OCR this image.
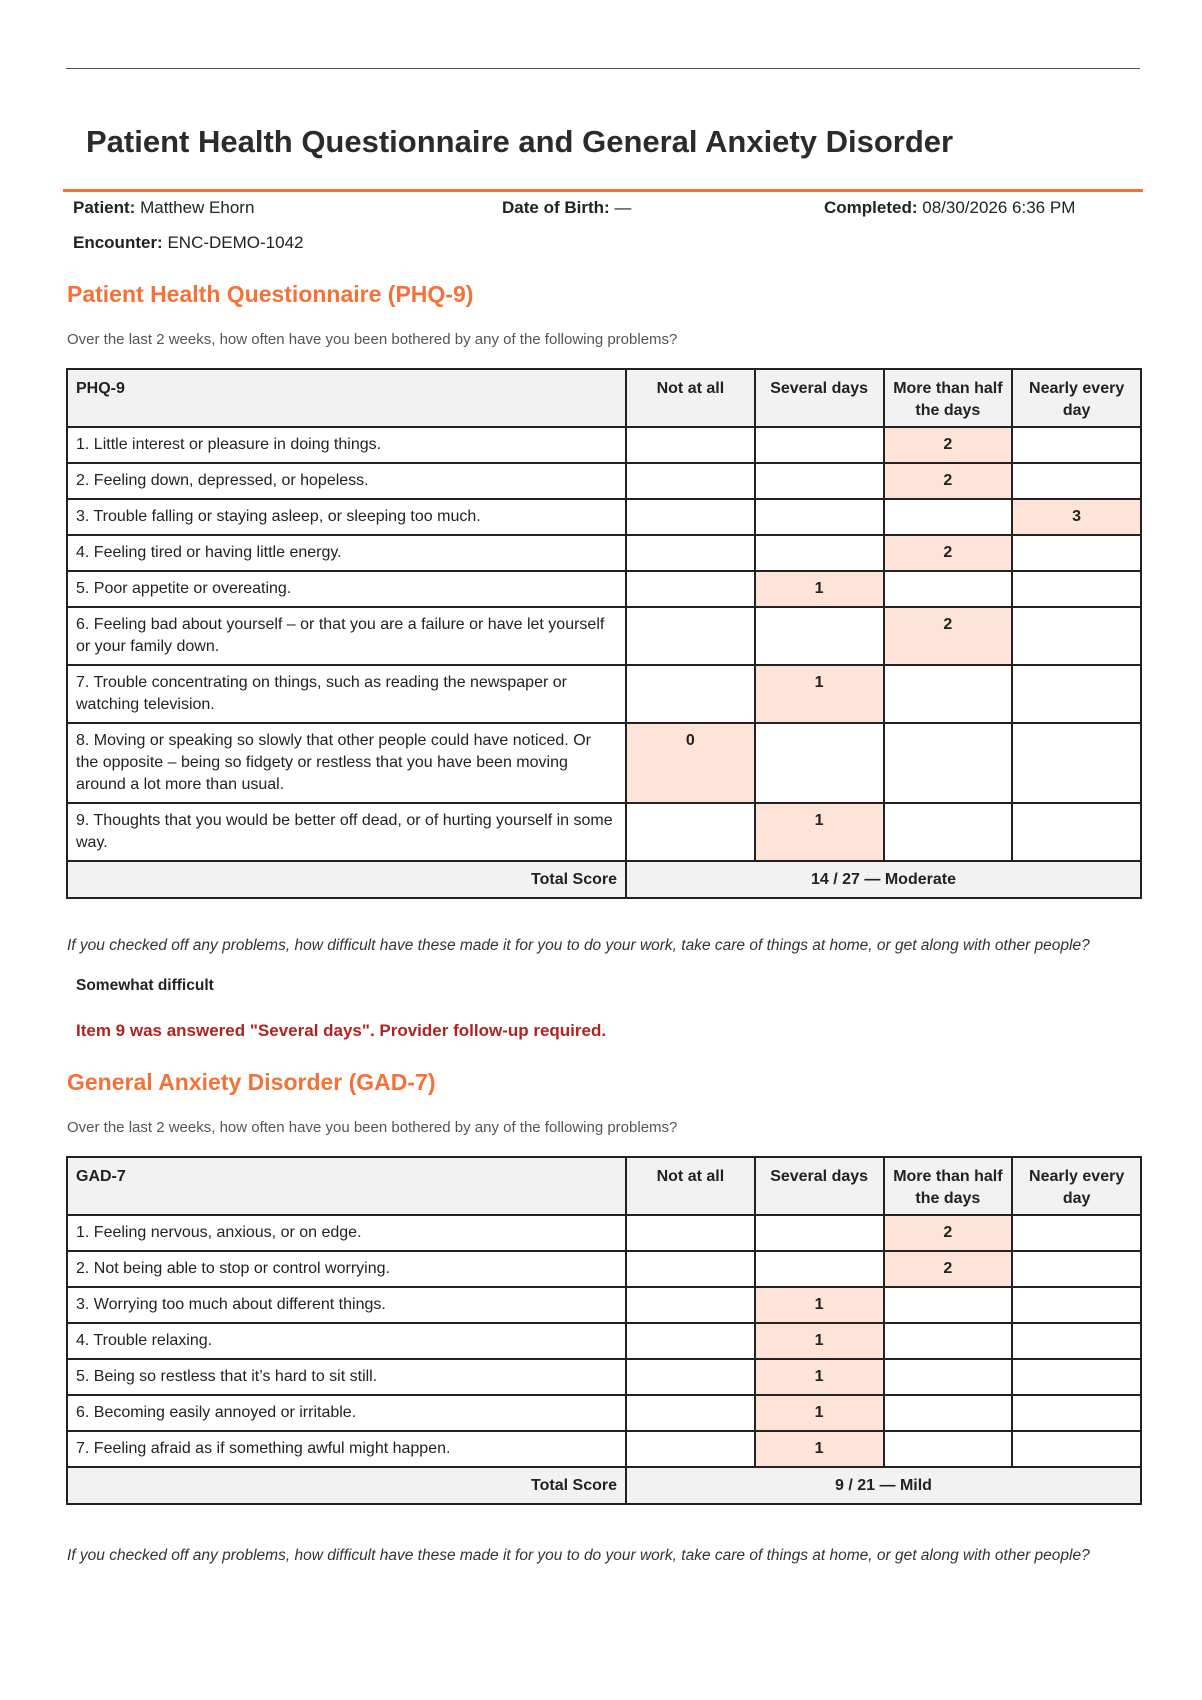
Patient Health Questionnaire and General Anxiety Disorder
Patient: Matthew Ehorn	Date of Birth: —	Completed: 08/30/2026 6:36 PM
Encounter: ENC-DEMO-1042
Patient Health Questionnaire (PHQ-9)
Over the last 2 weeks, how often have you been bothered by any of the following problems?
PHQ-9	Not at all	Several days	More than half the days	Nearly every day
1. Little interest or pleasure in doing things.			2	
2. Feeling down, depressed, or hopeless.			2	
3. Trouble falling or staying asleep, or sleeping too much.				3
4. Feeling tired or having little energy.			2	
5. Poor appetite or overeating.		1		
6. Feeling bad about yourself – or that you are a failure or have let yourself or your family down.			2	
7. Trouble concentrating on things, such as reading the newspaper or watching television.		1		
8. Moving or speaking so slowly that other people could have noticed. Or the opposite – being so fidgety or restless that you have been moving around a lot more than usual.	0			
9. Thoughts that you would be better off dead, or of hurting yourself in some way.		1		
Total Score	14 / 27 — Moderate			
If you checked off any problems, how difficult have these made it for you to do your work, take care of things at home, or get along with other people?
Somewhat difficult
Item 9 was answered "Several days". Provider follow-up required.
General Anxiety Disorder (GAD-7)
Over the last 2 weeks, how often have you been bothered by any of the following problems?
GAD-7	Not at all	Several days	More than half the days	Nearly every day
1. Feeling nervous, anxious, or on edge.			2	
2. Not being able to stop or control worrying.			2	
3. Worrying too much about different things.		1		
4. Trouble relaxing.		1		
5. Being so restless that it’s hard to sit still.		1		
6. Becoming easily annoyed or irritable.		1		
7. Feeling afraid as if something awful might happen.		1		
Total Score	9 / 21 — Mild			
If you checked off any problems, how difficult have these made it for you to do your work, take care of things at home, or get along with other people?
